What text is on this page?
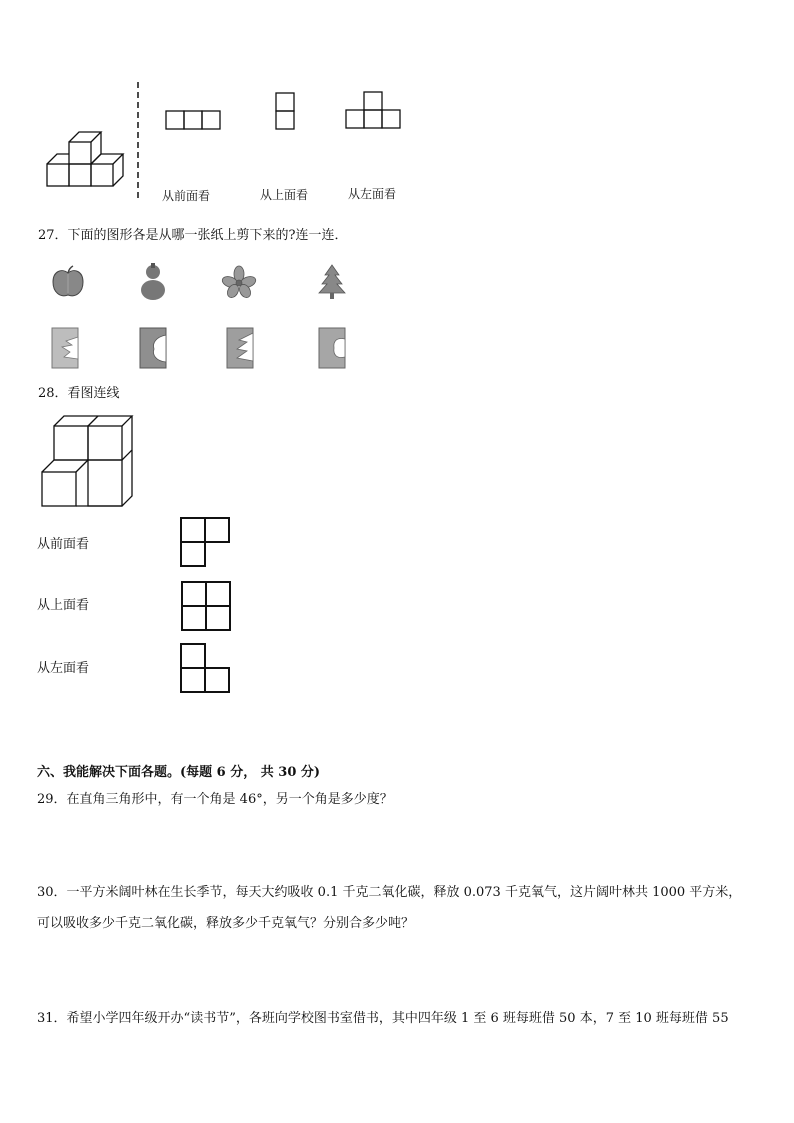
从前面看	从上面看	从左面看
27．下面的图形各是从哪一张纸上剪下来的?连一连．
28．看图连线
从前面看
从上面看
从左面看
六、我能解决下面各题。(每题 6 分， 共 30 分)
29．在直角三角形中，有一个角是 46°，另一个角是多少度？
30．一平方米阔叶林在生长季节，每天大约吸收 0.1 千克二氧化碳，释放 0.073 千克氧气，这片阔叶林共 1000 平方米，
可以吸收多少千克二氧化碳，释放多少千克氧气？分别合多少吨？
31．希望小学四年级开办“读书节”，各班向学校图书室借书，其中四年级 1 至 6 班每班借 50 本，7 至 10 班每班借 55
